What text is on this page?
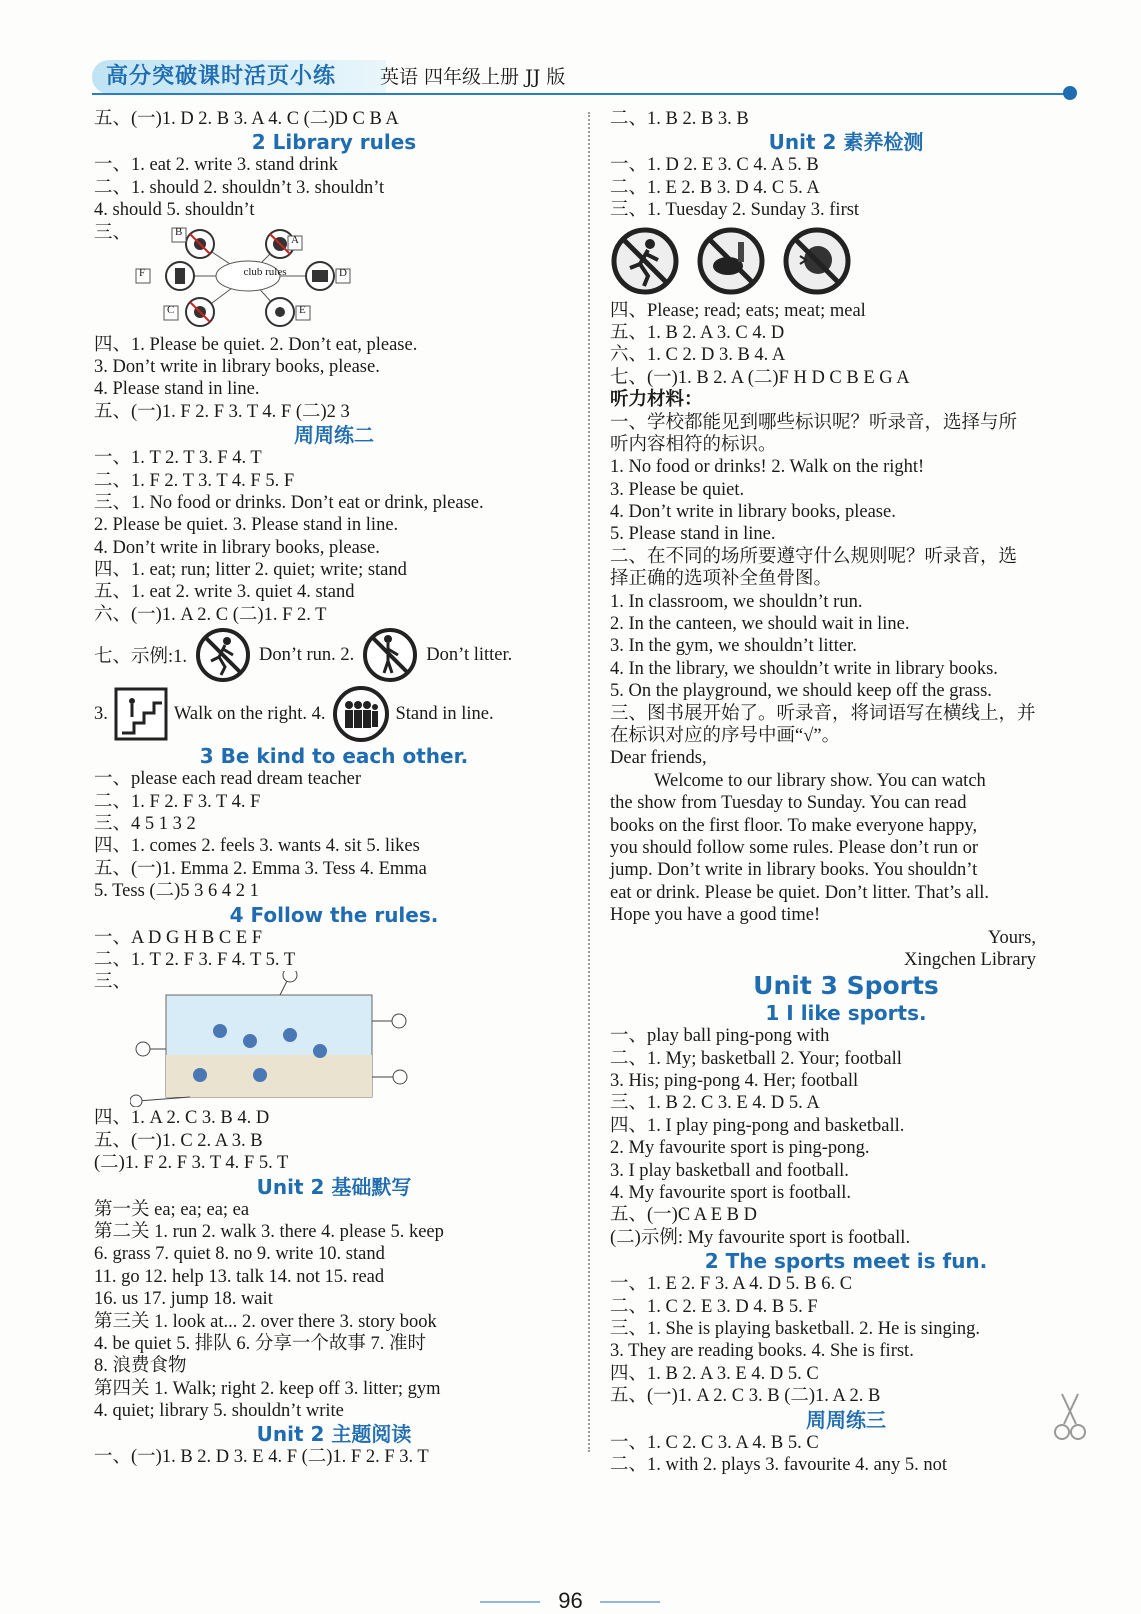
高分突破课时活页小练	英语 四年级上册 JJ 版
五、(一)1. D 2. B 3. A 4. C (二)D C B A
2 Library rules
一、1. eat 2. write 3. stand drink
二、1. should 2. shouldn’t 3. shouldn’t
4. should 5. shouldn’t
三、
club rules
B
A
F	D
C	E
四、1. Please be quiet. 2. Don’t eat, please.
3. Don’t write in library books, please.
4. Please stand in line.
五、(一)1. F 2. F 3. T 4. F (二)2 3
周周练二
一、1. T 2. T 3. F 4. T
二、1. F 2. T 3. T 4. F 5. F
三、1. No food or drinks. Don’t eat or drink, please.
2. Please be quiet. 3. Please stand in line.
4. Don’t write in library books, please.
四、1. eat; run; litter 2. quiet; write; stand
五、1. eat 2. write 3. quiet 4. stand
六、(一)1. A 2. C (二)1. F 2. T
七、示例:1.	Don’t run. 2.	Don’t litter.
3.	Walk on the right. 4.	Stand in line.
3 Be kind to each other.
一、please each read dream teacher
二、1. F 2. F 3. T 4. F
三、4 5 1 3 2
四、1. comes 2. feels 3. wants 4. sit 5. likes
五、(一)1. Emma 2. Emma 3. Tess 4. Emma
5. Tess (二)5 3 6 4 2 1
4 Follow the rules.
一、A D G H B C E F
二、1. T 2. F 3. F 4. T 5. T
三、
四、1. A 2. C 3. B 4. D
五、(一)1. C 2. A 3. B
(二)1. F 2. F 3. T 4. F 5. T
Unit 2 基础默写
第一关 ea; ea; ea; ea
第二关 1. run 2. walk 3. there 4. please 5. keep
6. grass 7. quiet 8. no 9. write 10. stand
11. go 12. help 13. talk 14. not 15. read
16. us 17. jump 18. wait
第三关 1. look at... 2. over there 3. story book
4. be quiet 5. 排队 6. 分享一个故事 7. 准时
8. 浪费食物
第四关 1. Walk; right 2. keep off 3. litter; gym
4. quiet; library 5. shouldn’t write
Unit 2 主题阅读
一、(一)1. B 2. D 3. E 4. F (二)1. F 2. F 3. T
二、1. B 2. B 3. B
Unit 2 素养检测
一、1. D 2. E 3. C 4. A 5. B
二、1. E 2. B 3. D 4. C 5. A
三、1. Tuesday 2. Sunday 3. first
四、Please; read; eats; meat; meal
五、1. B 2. A 3. C 4. D
六、1. C 2. D 3. B 4. A
七、(一)1. B 2. A (二)F H D C B E G A
听力材料：
一、学校都能见到哪些标识呢？听录音，选择与所
听内容相符的标识。
1. No food or drinks! 2. Walk on the right!
3. Please be quiet.
4. Don’t write in library books, please.
5. Please stand in line.
二、在不同的场所要遵守什么规则呢？听录音，选
择正确的选项补全鱼骨图。
1. In classroom, we shouldn’t run.
2. In the canteen, we should wait in line.
3. In the gym, we shouldn’t litter.
4. In the library, we shouldn’t write in library books.
5. On the playground, we should keep off the grass.
三、图书展开始了。听录音，将词语写在横线上，并
在标识对应的序号中画“√”。
Dear friends,
Welcome to our library show. You can watch
the show from Tuesday to Sunday. You can read
books on the first floor. To make everyone happy,
you should follow some rules. Please don’t run or
jump. Don’t write in library books. You shouldn’t
eat or drink. Please be quiet. Don’t litter. That’s all.
Hope you have a good time!
Yours,
Xingchen Library
Unit 3 Sports
1 I like sports.
一、play ball ping-pong with
二、1. My; basketball 2. Your; football
3. His; ping-pong 4. Her; football
三、1. B 2. C 3. E 4. D 5. A
四、1. I play ping-pong and basketball.
2. My favourite sport is ping-pong.
3. I play basketball and football.
4. My favourite sport is football.
五、(一)C A E B D
(二)示例: My favourite sport is football.
2 The sports meet is fun.
一、1. E 2. F 3. A 4. D 5. B 6. C
二、1. C 2. E 3. D 4. B 5. F
三、1. She is playing basketball. 2. He is singing.
3. They are reading books. 4. She is first.
四、1. B 2. A 3. E 4. D 5. C
五、(一)1. A 2. C 3. B (二)1. A 2. B
周周练三
一、1. C 2. C 3. A 4. B 5. C
二、1. with 2. plays 3. favourite 4. any 5. not
96
